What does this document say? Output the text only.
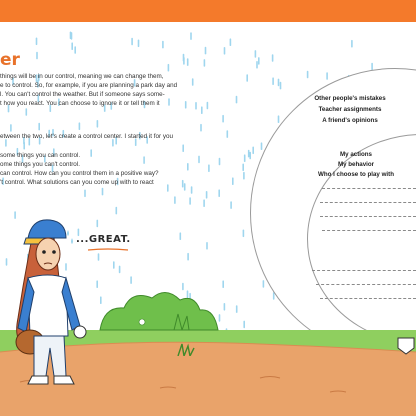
er

things will be in our control, meaning we can change them,

e to control. So, for example, if you are planning a park day and

l. You can't control the weather. But if someone says some-

t how you react. You can choose to ignore it or tell them it

etween the two, let's create a control center. I started it for you

some things you can control.

ome things you can't control.

can control. How can you control them in a positive way?

't control. What solutions can you come up with to react

Other people's mistakes
Teacher assignments
A friend's opinions
My actions
My behavior
Who I choose to play with
...GREAT.
